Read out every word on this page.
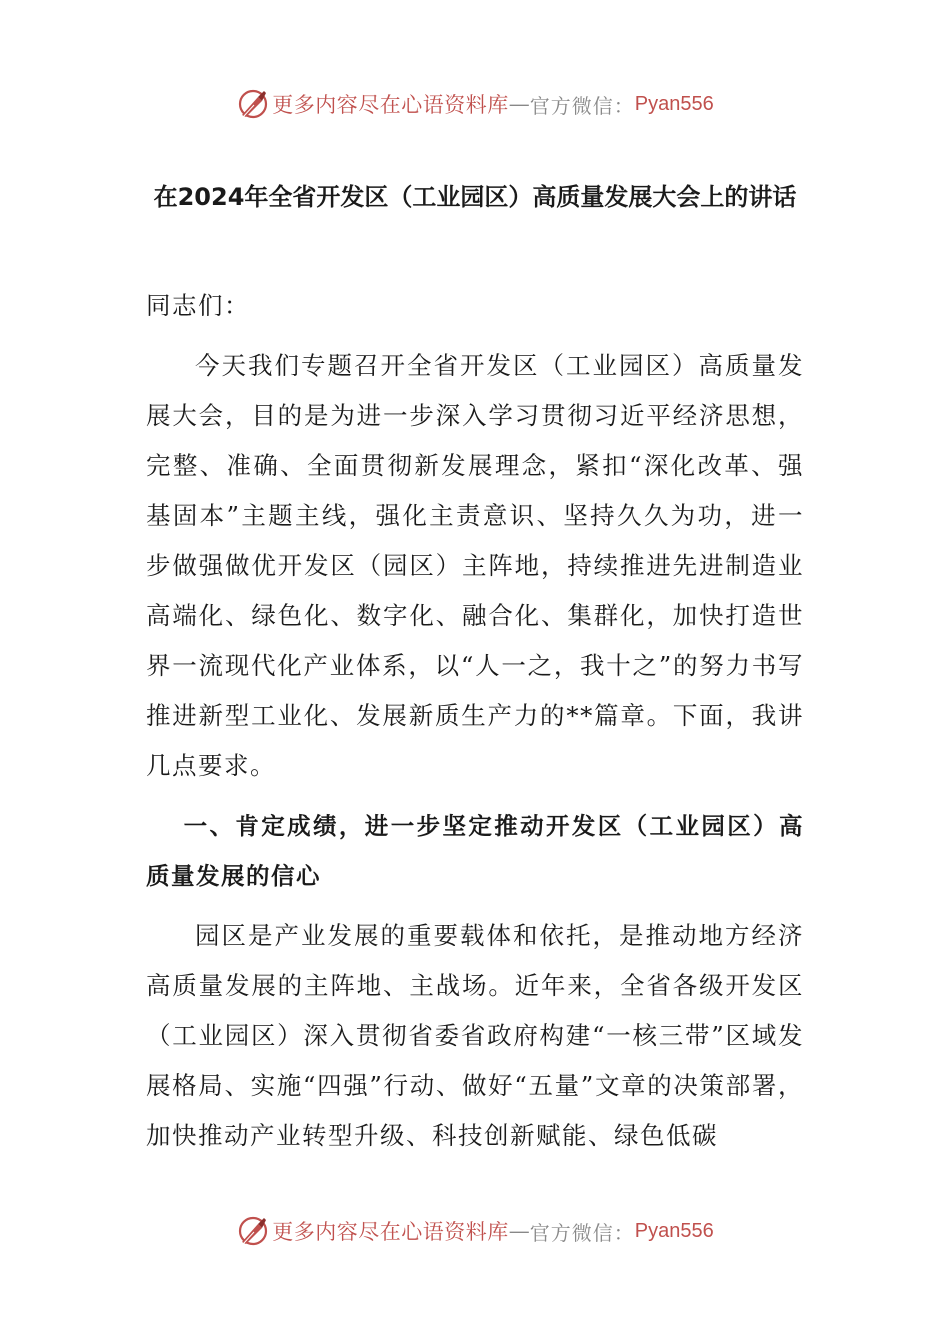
更多内容尽在心语资料库 — 官方微信： Pyan556
在2024年全省开发区（工业园区）高质量发展大会上的讲话

同志们：

今天我们专题召开全省开发区（工业园区）高质量发展大会，目的是为进一步深入学习贯彻习近平经济思想，完整、准确、全面贯彻新发展理念，紧扣“深化改革、强基固本”主题主线，强化主责意识、坚持久久为功，进一步做强做优开发区（园区）主阵地，持续推进先进制造业高端化、绿色化、数字化、融合化、集群化，加快打造世界一流现代化产业体系，以“人一之，我十之”的努力书写推进新型工业化、发展新质生产力的**篇章。下面，我讲几点要求。

一、肯定成绩，进一步坚定推动开发区（工业园区）高质量发展的信心

园区是产业发展的重要载体和依托，是推动地方经济高质量发展的主阵地、主战场。近年来，全省各级开发区（工业园区）深入贯彻省委省政府构建“一核三带”区域发展格局、实施“四强”行动、做好“五量”文章的决策部署，加快推动产业转型升级、科技创新赋能、绿色低碳

更多内容尽在心语资料库 — 官方微信： Pyan556
